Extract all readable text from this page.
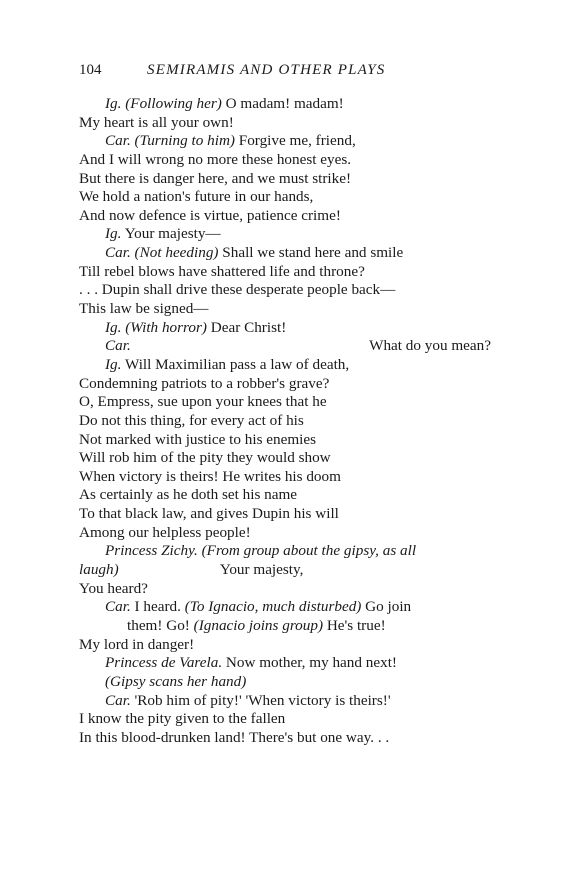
104	SEMIRAMIS AND OTHER PLAYS
Ig. (Following her) O madam! madam!
My heart is all your own!
Car. (Turning to him) Forgive me, friend,
And I will wrong no more these honest eyes.
But there is danger here, and we must strike!
We hold a nation's future in our hands,
And now defence is virtue, patience crime!
Ig. Your majesty—
Car. (Not heeding) Shall we stand here and smile
Till rebel blows have shattered life and throne?
. . . Dupin shall drive these desperate people back—
This law be signed—
Ig. (With horror) Dear Christ!
Car.	What do you mean?
Ig. Will Maximilian pass a law of death,
Condemning patriots to a robber's grave?
O, Empress, sue upon your knees that he
Do not this thing, for every act of his
Not marked with justice to his enemies
Will rob him of the pity they would show
When victory is theirs! He writes his doom
As certainly as he doth set his name
To that black law, and gives Dupin his will
Among our helpless people!
Princess Zichy. (From group about the gipsy, as all
laugh)	Your majesty,
You heard?
Car. I heard. (To Ignacio, much disturbed) Go join
them! Go! (Ignacio joins group) He's true!
My lord in danger!
Princess de Varela. Now mother, my hand next!
(Gipsy scans her hand)
Car. 'Rob him of pity!' 'When victory is theirs!'
I know the pity given to the fallen
In this blood-drunken land! There's but one way. . .
